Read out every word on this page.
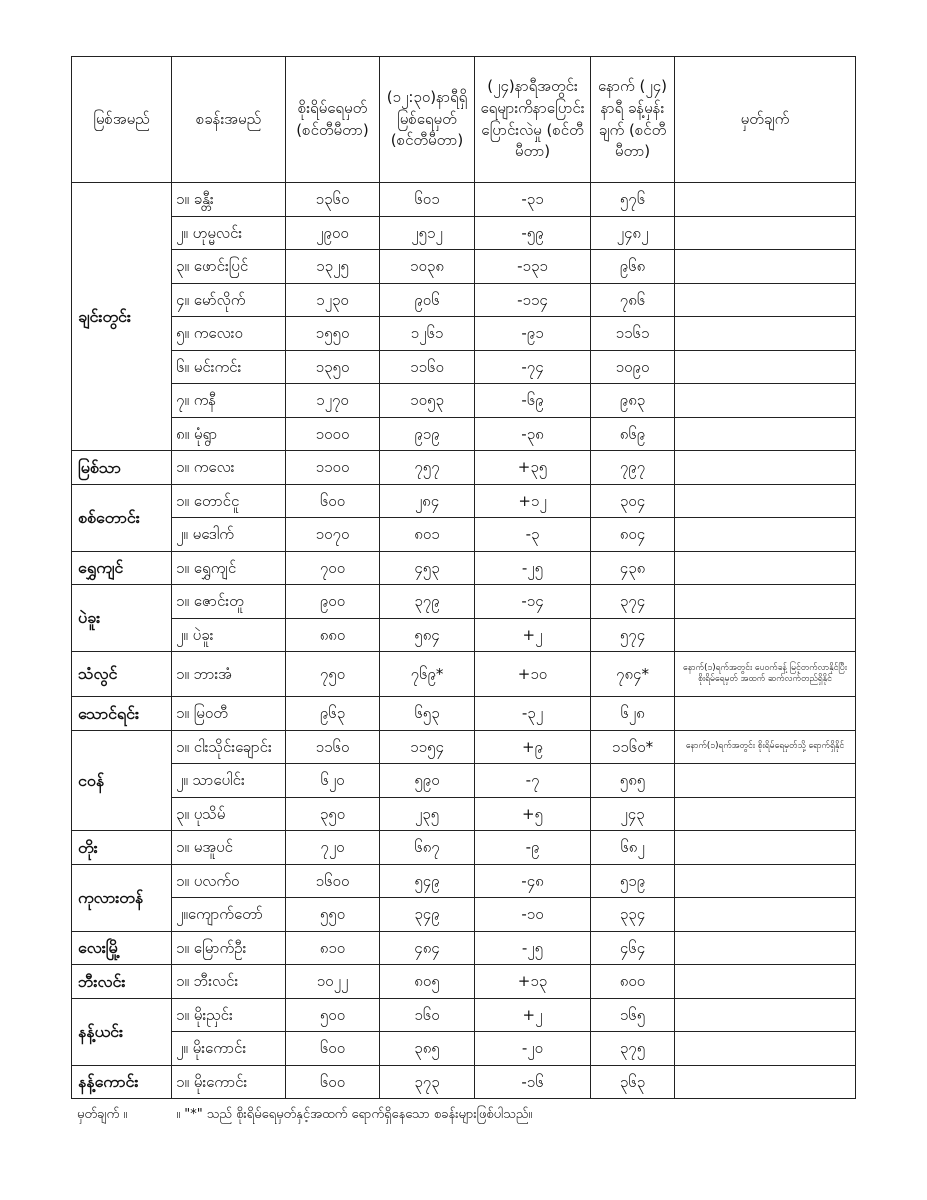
မြစ်အမည်	စခန်းအမည်	စိုးရိမ်ရေမှတ် (စင်တီမီတာ)	(၁၂:၃၀)နာရီရှိ မြစ်ရေမှတ် (စင်တီမီတာ)	(၂၄)နာရီအတွင်း ရေများကိနာပြောင်း ပြောင်းလဲမှု (စင်တီမီတာ)	နောက် (၂၄) နာရီ ခန့်မှန်းချက် (စင်တီမီတာ)	မှတ်ချက်
ချင်းတွင်း	၁။ ခန္တီး	၁၃၆၀	၆၀၁	-၃၁	၅၇၆	
	၂။ ဟုမ္မလင်း	၂၉၀၀	၂၅၁၂	-၅၉	၂၄၈၂	
	၃။ ဖောင်းပြင်	၁၃၂၅	၁၀၃၈	-၁၃၁	၉၆၈	
	၄။ မော်လိုက်	၁၂၃၀	၉၀၆	-၁၁၄	၇၈၆	
	၅။ ကလေးဝ	၁၅၅၀	၁၂၆၁	-၉၁	၁၁၆၁	
	၆။ မင်းကင်း	၁၃၅၀	၁၁၆၀	-၇၄	၁၀၉၀	
	၇။ ကနီ	၁၂၇၀	၁၀၅၃	-၆၉	၉၈၃	
	၈။ မုံရွာ	၁၀၀၀	၉၁၉	-၃၈	၈၆၉	
မြစ်သာ	၁။ ကလေး	၁၁၀၀	၇၅၇	+၃၅	၇၉၇	
စစ်တောင်း	၁။ တောင်ငူ	၆၀၀	၂၈၄	+၁၂	၃၀၄	
	၂။ မဒေါက်	၁၀၇၀	၈၀၁	-၃	၈၀၄	
ရွှေကျင်	၁။ ရွှေကျင်	၇၀၀	၄၅၃	-၂၅	၄၃၈	
ပဲခူး	၁။ ဇောင်းတူ	၉၀၀	၃၇၉	-၁၄	၃၇၄	
	၂။ ပဲခူး	၈၈၀	၅၈၄	+၂	၅၇၄	
သံလွင်	၁။ ဘားအံ	၇၅၀	၇၆၉*	+၁၀	၇၈၄*	နောက်(၁)ရက်အတွင်း ပေ၀က်ခန့် မြင့်တက်လာနိုင်ပြီး စိုးရိမ်ရေမှတ် အထက် ဆက်လက်တည်ရှိနိုင်
သောင်ရင်း	၁။ မြဝတီ	၉၆၃	၆၅၃	-၃၂	၆၂၈	
ငဝန်	၁။ ငါးသိုင်းချောင်း	၁၁၆၀	၁၁၅၄	+၉	၁၁၆၀*	နောက်(၁)ရက်အတွင်း စိုးရိမ်ရေမှတ်သို့ ရောက်ရှိနိုင်
	၂။ သာပေါင်း	၆၂၀	၅၉၀	-၇	၅၈၅	
	၃။ ပုသိမ်	၃၅၀	၂၃၅	+၅	၂၄၃	
တိုး	၁။ မအူပင်	၇၂၀	၆၈၇	-၉	၆၈၂	
ကုလားတန်	၁။ ပလက်ဝ	၁၆၀၀	၅၄၉	-၄၈	၅၁၉	
	၂။ကျောက်တော်	၅၅၀	၃၄၉	-၁၀	၃၃၄	
လေးမြို့	၁။ မြောက်ဦး	၈၁၀	၄၈၄	-၂၅	၄၆၄	
ဘီးလင်း	၁။ ဘီးလင်း	၁၀၂၂	၈၀၅	+၁၃	၈၀၀	
နန့်ယင်း	၁။ မိုးညှင်း	၅၀၀	၁၆၀	+၂	၁၆၅	
	၂။ မိုးကောင်း	၆၀၀	၃၈၅	-၂၀	၃၇၅	
နန့်ကောင်း	၁။ မိုးကောင်း	၆၀၀	၃၇၃	-၁၆	၃၆၃	
မှတ်ချက် ။	။ "*" သည် စိုးရိမ်ရေမှတ်နှင့်အထက် ရောက်ရှိနေသော စခန်းများဖြစ်ပါသည်။
